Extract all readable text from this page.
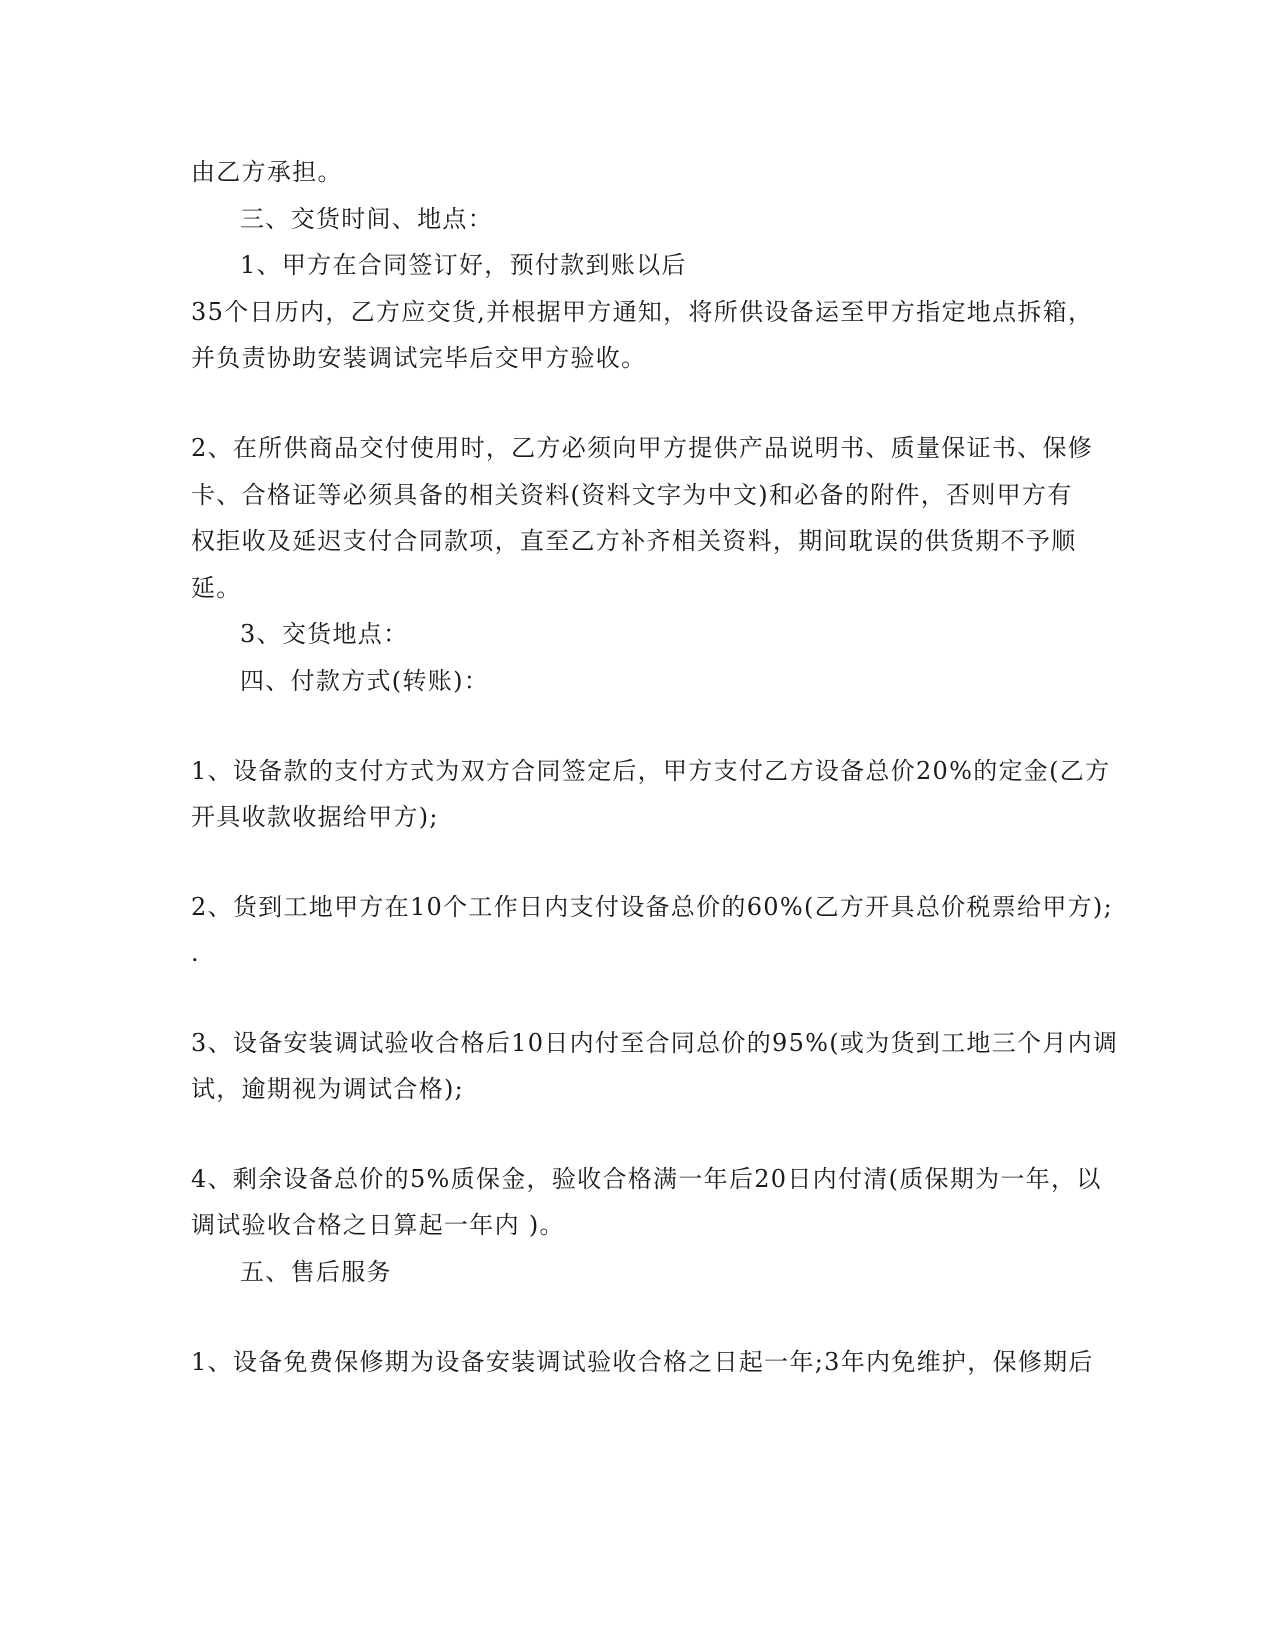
由乙方承担。
三、交货时间、地点：
1、甲方在合同签订好，预付款到账以后
35个日历内，乙方应交货,并根据甲方通知，将所供设备运至甲方指定地点拆箱，
并负责协助安装调试完毕后交甲方验收。
2、在所供商品交付使用时，乙方必须向甲方提供产品说明书、质量保证书、保修
卡、合格证等必须具备的相关资料(资料文字为中文)和必备的附件，否则甲方有
权拒收及延迟支付合同款项，直至乙方补齐相关资料，期间耽误的供货期不予顺
延。
3、交货地点：
四、付款方式(转账)：
1、设备款的支付方式为双方合同签定后，甲方支付乙方设备总价20%的定金(乙方
开具收款收据给甲方);
2、货到工地甲方在10个工作日内支付设备总价的60%(乙方开具总价税票给甲方);
.
3、设备安装调试验收合格后10日内付至合同总价的95%(或为货到工地三个月内调
试，逾期视为调试合格);
4、剩余设备总价的5%质保金，验收合格满一年后20日内付清(质保期为一年，以
调试验收合格之日算起一年内 )。
五、售后服务
1、设备免费保修期为设备安装调试验收合格之日起一年;3年内免维护，保修期后
